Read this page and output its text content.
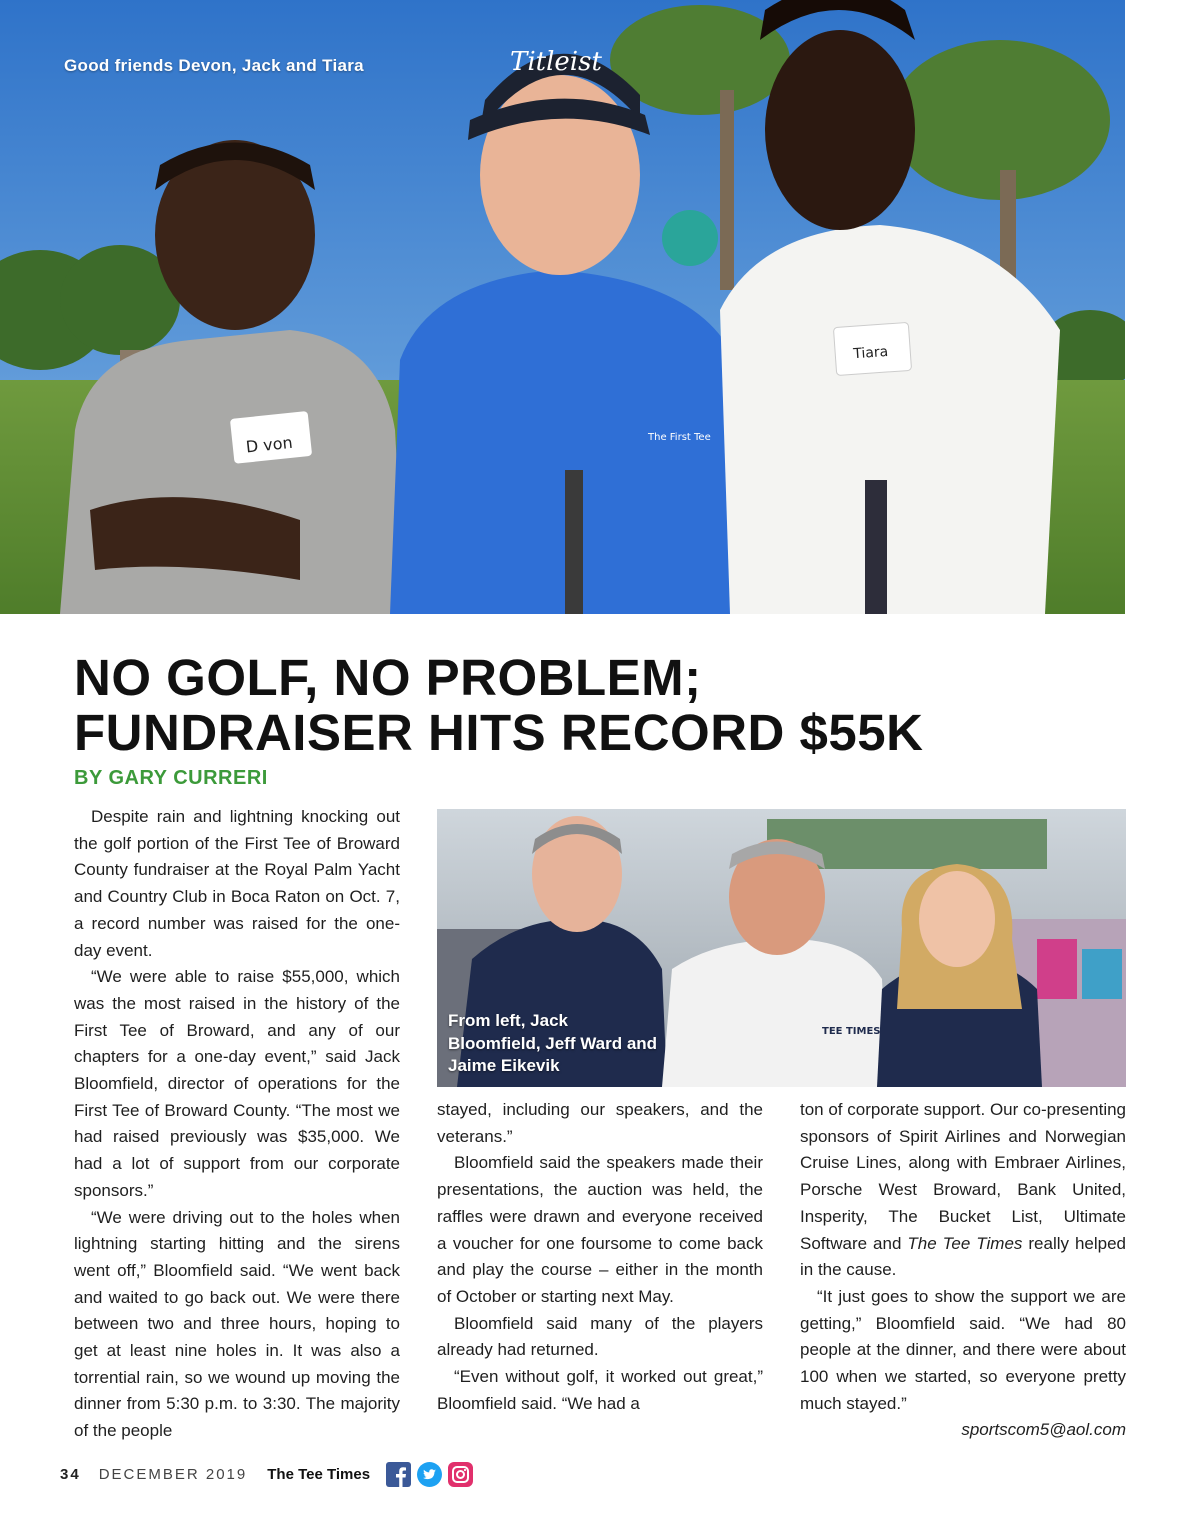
D von
Titleist
The First Tee
Tiara
Good friends Devon, Jack and Tiara
NO GOLF, NO PROBLEM;
FUNDRAISER HITS RECORD $55K
BY GARY CURRERI

Despite rain and lightning knocking out the golf portion of the First Tee of Broward County fundraiser at the Royal Palm Yacht and Country Club in Boca Raton on Oct. 7, a record number was raised for the one-day event.

“We were able to raise $55,000, which was the most raised in the history of the First Tee of Broward, and any of our chapters for a one-day event,” said Jack Bloomfield, director of operations for the First Tee of Broward County. “The most we had raised previously was $35,000. We had a lot of support from our corporate sponsors.”

“We were driving out to the holes when lightning starting hitting and the sirens went off,” Bloomfield said. “We went back and waited to go back out. We were there between two and three hours, hoping to get at least nine holes in. It was also a torrential rain, so we wound up moving the dinner from 5:30 p.m. to 3:30. The majority of the people

TEE TIMES
From left, Jack Bloomfield, Jeff Ward and Jaime Eikevik

stayed, including our speakers, and the veterans.”

Bloomfield said the speakers made their presentations, the auction was held, the raffles were drawn and everyone received a voucher for one foursome to come back and play the course – either in the month of October or starting next May.

Bloomfield said many of the players already had returned.

“Even without golf, it worked out great,” Bloomfield said. “We had a

ton of corporate support. Our co-presenting sponsors of Spirit Airlines and Norwegian Cruise Lines, along with Embraer Airlines, Porsche West Broward, Bank United, Insperity, The Bucket List, Ultimate Software and The Tee Times really helped in the cause.

“It just goes to show the support we are getting,” Bloomfield said. “We had 80 people at the dinner, and there were about 100 when we started, so everyone pretty much stayed.”

sportscom5@aol.com

34 DECEMBER 2019 The Tee Times
